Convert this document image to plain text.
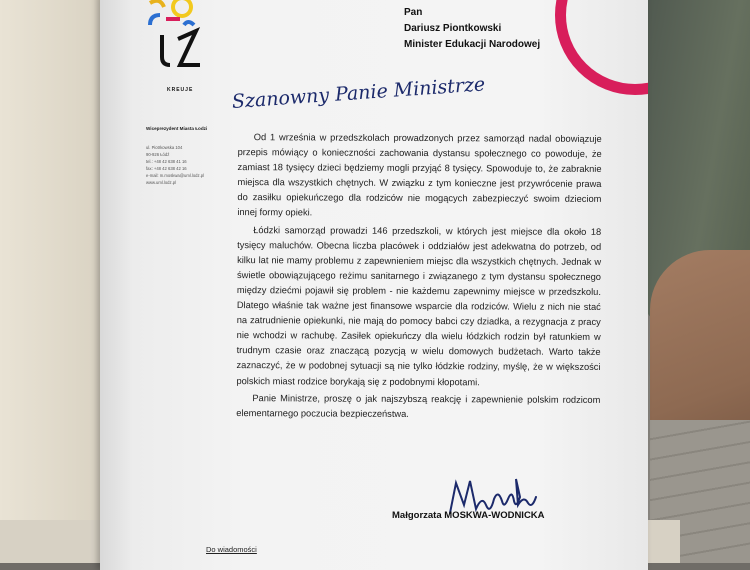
KREUJE
Wiceprezydent Miasta Łodzi
ul. Piotrkowska 104
90-926 Łódź
tel.: +48 42 638 41 16
fax: +48 42 638 42 16
e-mail: m.moskwa@uml.lodz.pl
www.uml.lodz.pl
Pan
Dariusz Piontkowski
Minister Edukacji Narodowej
Szanowny Panie Ministrze

Od 1 września w przedszkolach prowadzonych przez samorząd nadal obowiązuje przepis mówiący o konieczności zachowania dystansu społecznego co powoduje, że zamiast 18 tysięcy dzieci będziemy mogli przyjąć 8 tysięcy. Spowoduje to, że zabraknie miejsca dla wszystkich chętnych. W związku z tym konieczne jest przywrócenie prawa do zasiłku opiekuńczego dla rodziców nie mogących zabezpieczyć swoim dzieciom innej formy opieki.

Łódzki samorząd prowadzi 146 przedszkoli, w których jest miejsce dla około 18 tysięcy maluchów. Obecna liczba placówek i oddziałów jest adekwatna do potrzeb, od kilku lat nie mamy problemu z zapewnieniem miejsc dla wszystkich chętnych. Jednak w świetle obowiązującego reżimu sanitarnego i związanego z tym dystansu społecznego między dziećmi pojawił się problem - nie każdemu zapewnimy miejsce w przedszkolu. Dlatego właśnie tak ważne jest finansowe wsparcie dla rodziców. Wielu z nich nie stać na zatrudnienie opiekunki, nie mają do pomocy babci czy dziadka, a rezygnacja z pracy nie wchodzi w rachubę. Zasiłek opiekuńczy dla wielu łódzkich rodzin był ratunkiem w trudnym czasie oraz znaczącą pozycją w wielu domowych budżetach. Warto także zaznaczyć, że w podobnej sytuacji są nie tylko łódzkie rodziny, myślę, że w większości polskich miast rodzice borykają się z podobnymi kłopotami.

Panie Ministrze, proszę o jak najszybszą reakcję i zapewnienie polskim rodzicom elementarnego poczucia bezpieczeństwa.

Małgorzata MOSKWA-WODNICKA
Do wiadomości
